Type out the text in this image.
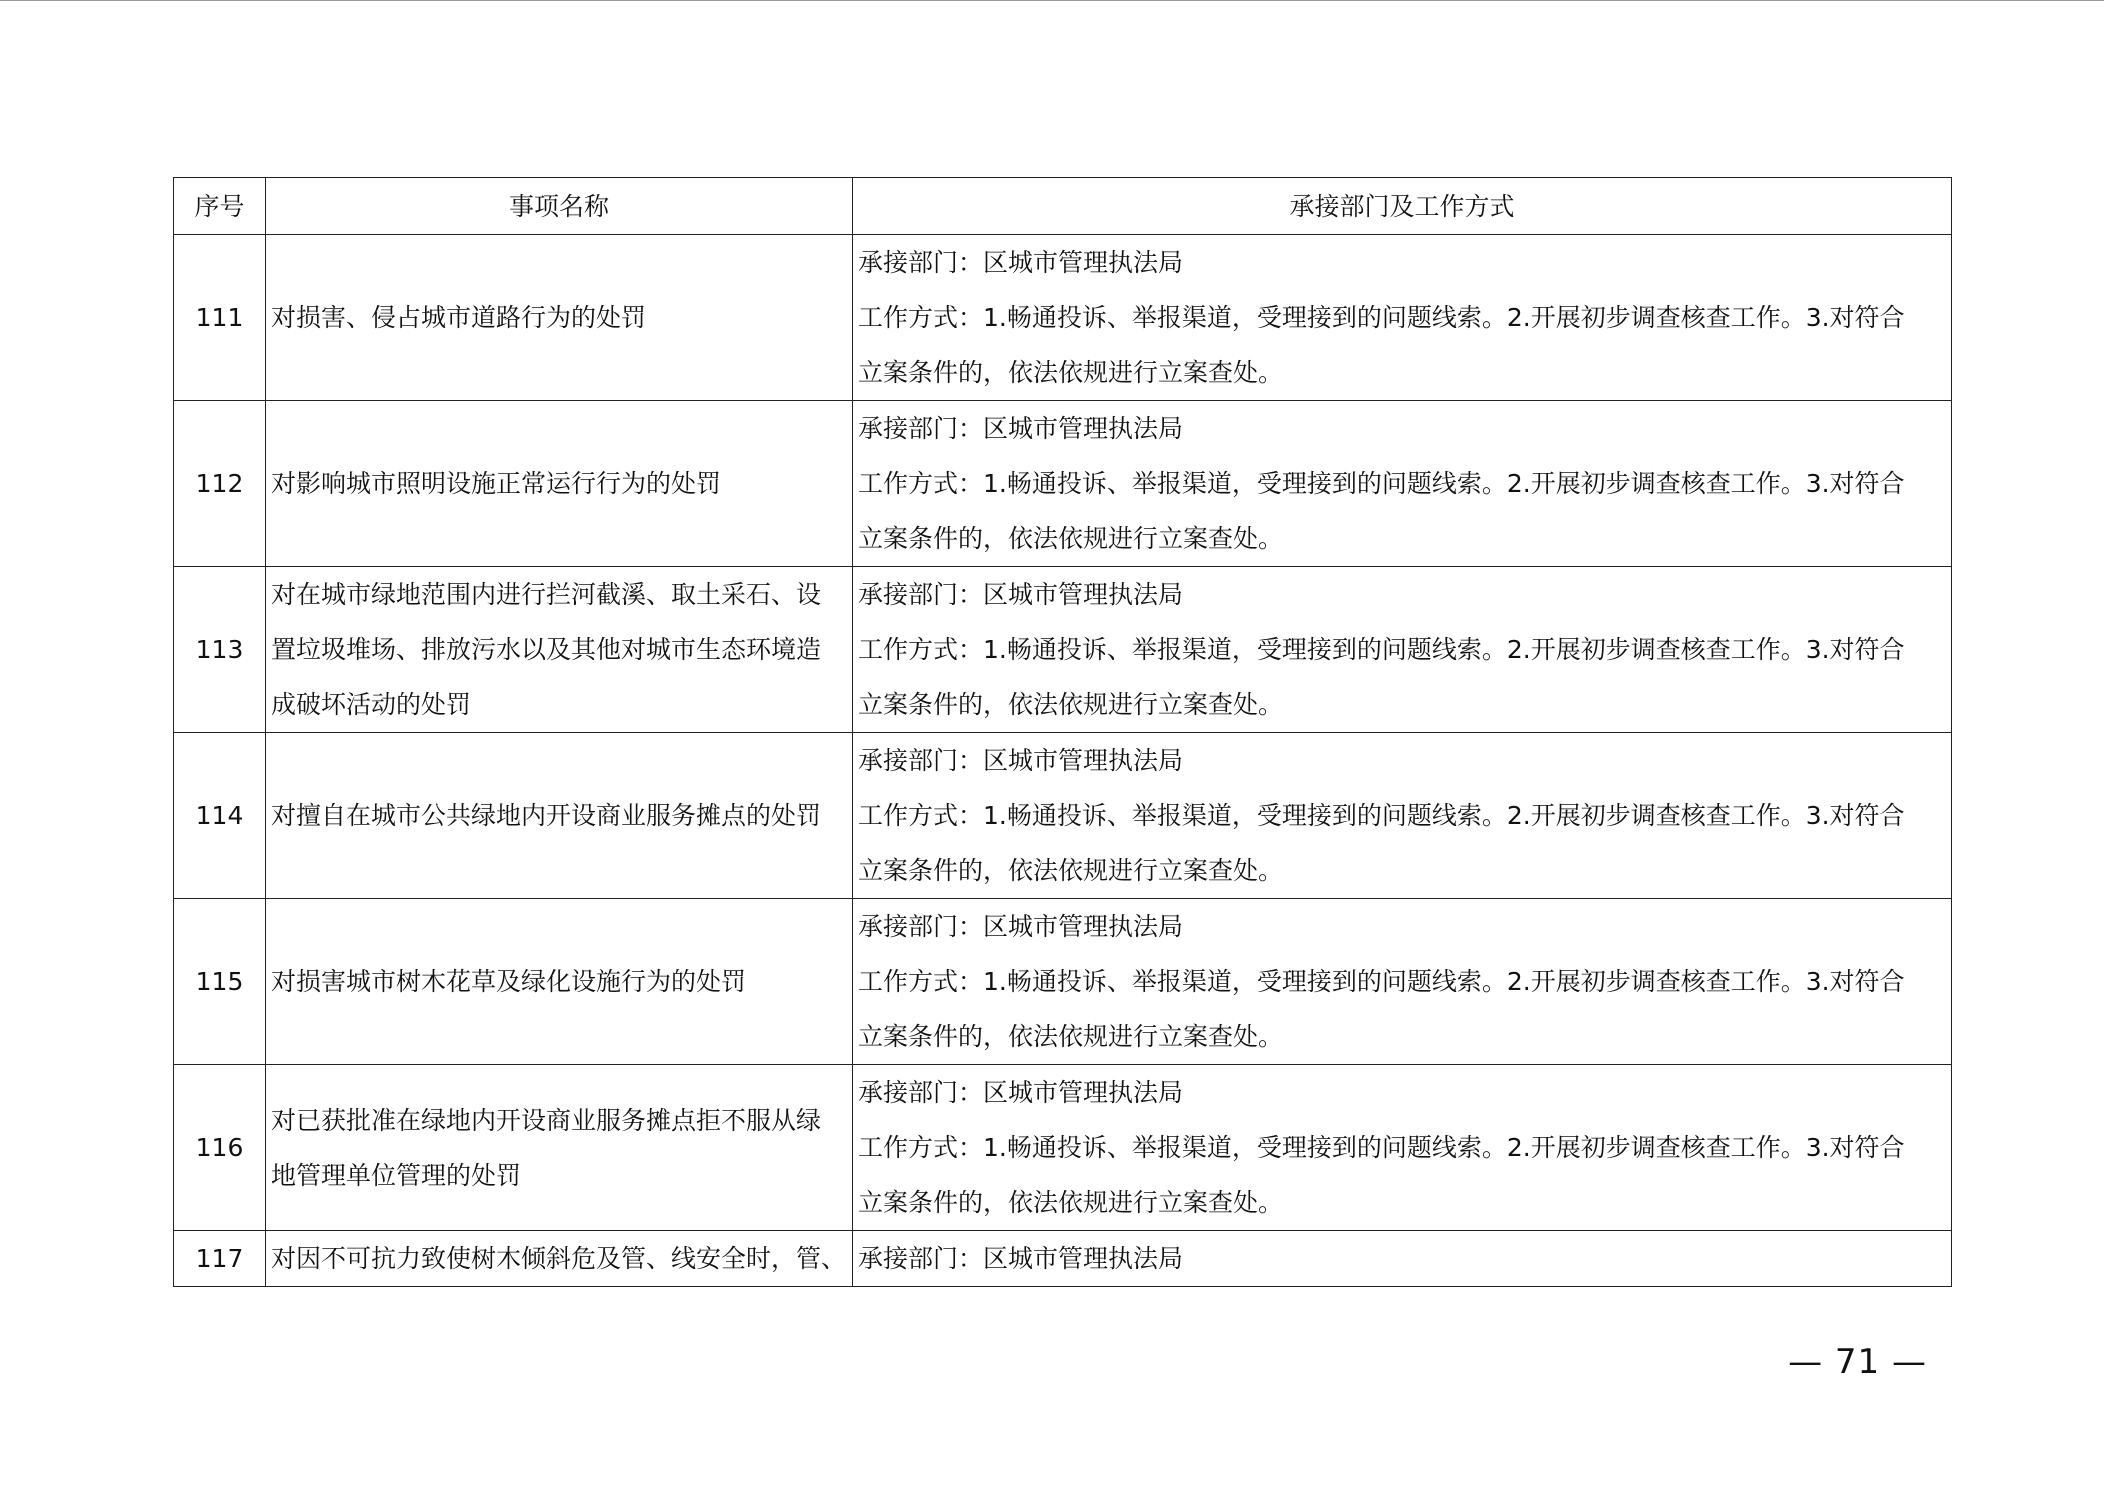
序号	事项名称	承接部门及工作方式
111	对损害、侵占城市道路行为的处罚	承接部门：区城市管理执法局
工作方式：1.畅通投诉、举报渠道，受理接到的问题线索。2.开展初步调查核查工作。3.对符合
立案条件的，依法依规进行立案查处。

112	对影响城市照明设施正常运行行为的处罚	承接部门：区城市管理执法局
工作方式：1.畅通投诉、举报渠道，受理接到的问题线索。2.开展初步调查核查工作。3.对符合
立案条件的，依法依规进行立案查处。

113	对在城市绿地范围内进行拦河截溪、取土采石、设
置垃圾堆场、排放污水以及其他对城市生态环境造
成破坏活动的处罚	承接部门：区城市管理执法局
工作方式：1.畅通投诉、举报渠道，受理接到的问题线索。2.开展初步调查核查工作。3.对符合
立案条件的，依法依规进行立案查处。

114	对擅自在城市公共绿地内开设商业服务摊点的处罚	承接部门：区城市管理执法局
工作方式：1.畅通投诉、举报渠道，受理接到的问题线索。2.开展初步调查核查工作。3.对符合
立案条件的，依法依规进行立案查处。

115	对损害城市树木花草及绿化设施行为的处罚	承接部门：区城市管理执法局
工作方式：1.畅通投诉、举报渠道，受理接到的问题线索。2.开展初步调查核查工作。3.对符合
立案条件的，依法依规进行立案查处。

116	对已获批准在绿地内开设商业服务摊点拒不服从绿
地管理单位管理的处罚	承接部门：区城市管理执法局
工作方式：1.畅通投诉、举报渠道，受理接到的问题线索。2.开展初步调查核查工作。3.对符合
立案条件的，依法依规进行立案查处。

117	对因不可抗力致使树木倾斜危及管、线安全时，管、	承接部门：区城市管理执法局
— 71 —
